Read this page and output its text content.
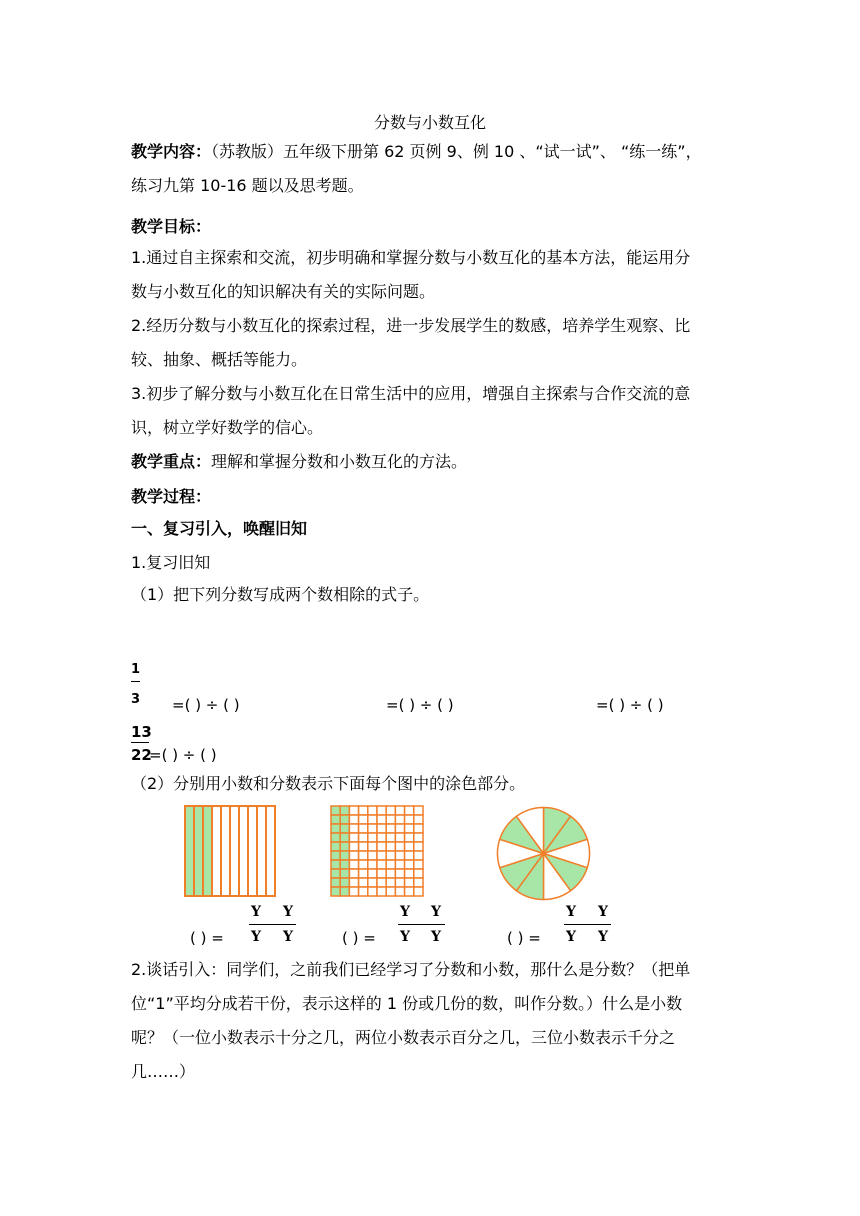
分数与小数互化
教学内容：（苏教版）五年级下册第 62 页例 9、例 10 、“试一试”、 “练一练”，
练习九第 10-16 题以及思考题。
教学目标：
1.通过自主探索和交流，初步明确和掌握分数与小数互化的基本方法，能运用分
数与小数互化的知识解决有关的实际问题。
2.经历分数与小数互化的探索过程，进一步发展学生的数感，培养学生观察、比
较、抽象、概括等能力。
3.初步了解分数与小数互化在日常生活中的应用，增强自主探索与合作交流的意
识，树立学好数学的信心。
教学重点：理解和掌握分数和小数互化的方法。
教学过程：
一、复习引入，唤醒旧知
1.复习旧知
（1）把下列分数写成两个数相除的式子。
1
3 =( ) ÷ ( )	=( ) ÷ ( )	=( ) ÷ ( )
13
22
=( ) ÷ ( )
（2）分别用小数和分数表示下面每个图中的涂色部分。
( ) =
Y Y
Y Y	( ) =
Y Y
Y Y	( ) =
Y Y
Y Y
2.谈话引入：同学们，之前我们已经学习了分数和小数，那什么是分数？（把单
位“1”平均分成若干份，表示这样的 1 份或几份的数，叫作分数。）什么是小数
呢？（一位小数表示十分之几，两位小数表示百分之几，三位小数表示千分之
几……）
